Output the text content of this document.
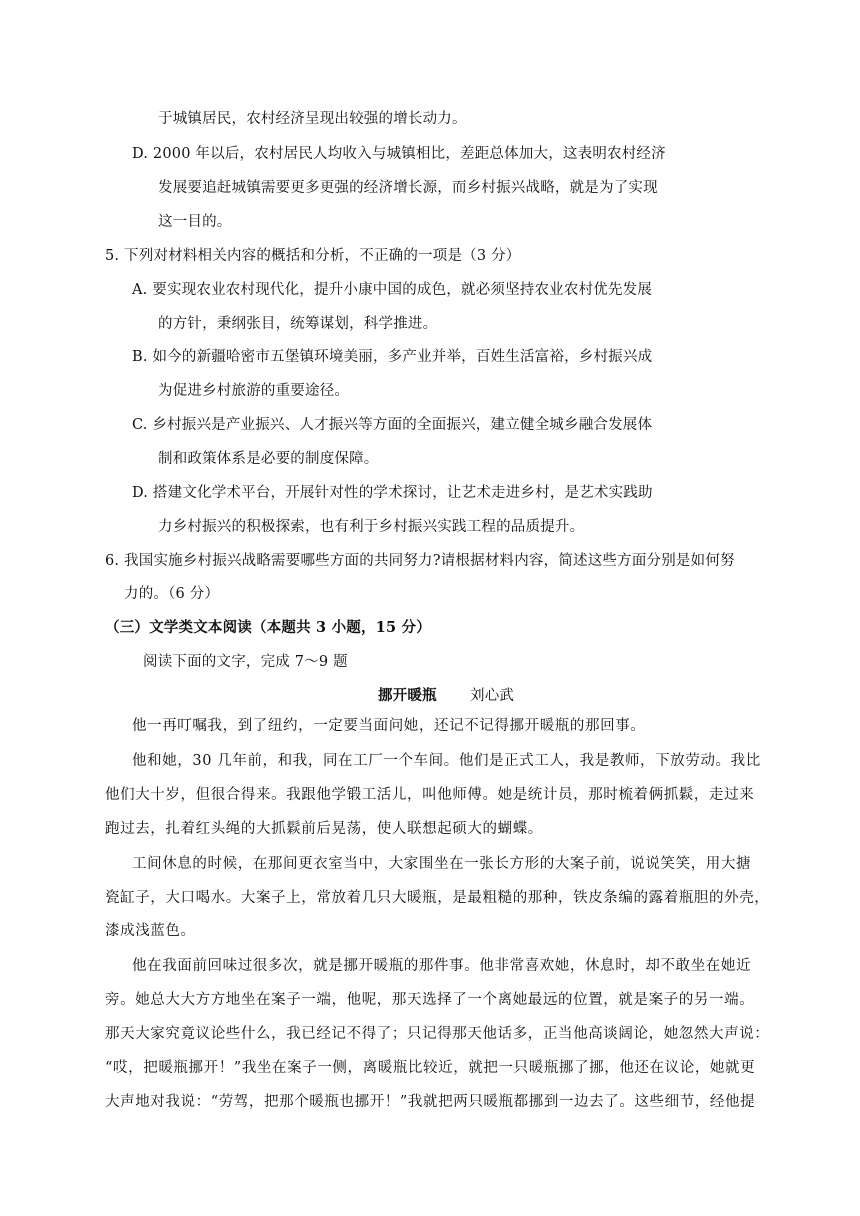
于城镇居民，农村经济呈现出较强的增长动力。
D. 2000 年以后，农村居民人均收入与城镇相比，差距总体加大，这表明农村经济
发展要追赶城镇需要更多更强的经济增长源，而乡村振兴战略，就是为了实现
这一目的。
5. 下列对材料相关内容的概括和分析，不正确的一项是（3 分）
A. 要实现农业农村现代化，提升小康中国的成色，就必须坚持农业农村优先发展
的方针，秉纲张目，统筹谋划，科学推进。
B. 如今的新疆哈密市五堡镇环境美丽，多产业并举，百姓生活富裕，乡村振兴成
为促进乡村旅游的重要途径。
C. 乡村振兴是产业振兴、人才振兴等方面的全面振兴，建立健全城乡融合发展体
制和政策体系是必要的制度保障。
D. 搭建文化学术平台，开展针对性的学术探讨，让艺术走进乡村，是艺术实践助
力乡村振兴的积极探索，也有利于乡村振兴实践工程的品质提升。
6. 我国实施乡村振兴战略需要哪些方面的共同努力?请根据材料内容，简述这些方面分别是如何努
力的。（6 分）
（三）文学类文本阅读（本题共 3 小题，15 分）
阅读下面的文字，完成 7～9 题
挪开暖瓶 刘心武
他一再叮嘱我，到了纽约，一定要当面问她，还记不记得挪开暖瓶的那回事。
他和她，30 几年前，和我，同在工厂一个车间。他们是正式工人，我是教师，下放劳动。我比
他们大十岁，但很合得来。我跟他学锻工活儿，叫他师傅。她是统计员，那时梳着俩抓鬏，走过来
跑过去，扎着红头绳的大抓鬏前后晃荡，使人联想起硕大的蝴蝶。
工间休息的时候，在那间更衣室当中，大家围坐在一张长方形的大案子前，说说笑笑，用大搪
瓷缸子，大口喝水。大案子上，常放着几只大暖瓶，是最粗糙的那种，铁皮条编的露着瓶胆的外壳，
漆成浅蓝色。
他在我面前回味过很多次，就是挪开暖瓶的那件事。他非常喜欢她，休息时，却不敢坐在她近
旁。她总大大方方地坐在案子一端，他呢，那天选择了一个离她最远的位置，就是案子的另一端。
那天大家究竟议论些什么，我已经记不得了；只记得那天他话多，正当他高谈阔论，她忽然大声说：
“哎，把暖瓶挪开！”我坐在案子一侧，离暖瓶比较近，就把一只暖瓶挪了挪，他还在议论，她就更
大声地对我说：“劳驾，把那个暖瓶也挪开！”我就把两只暖瓶都挪到一边去了。这些细节，经他提
